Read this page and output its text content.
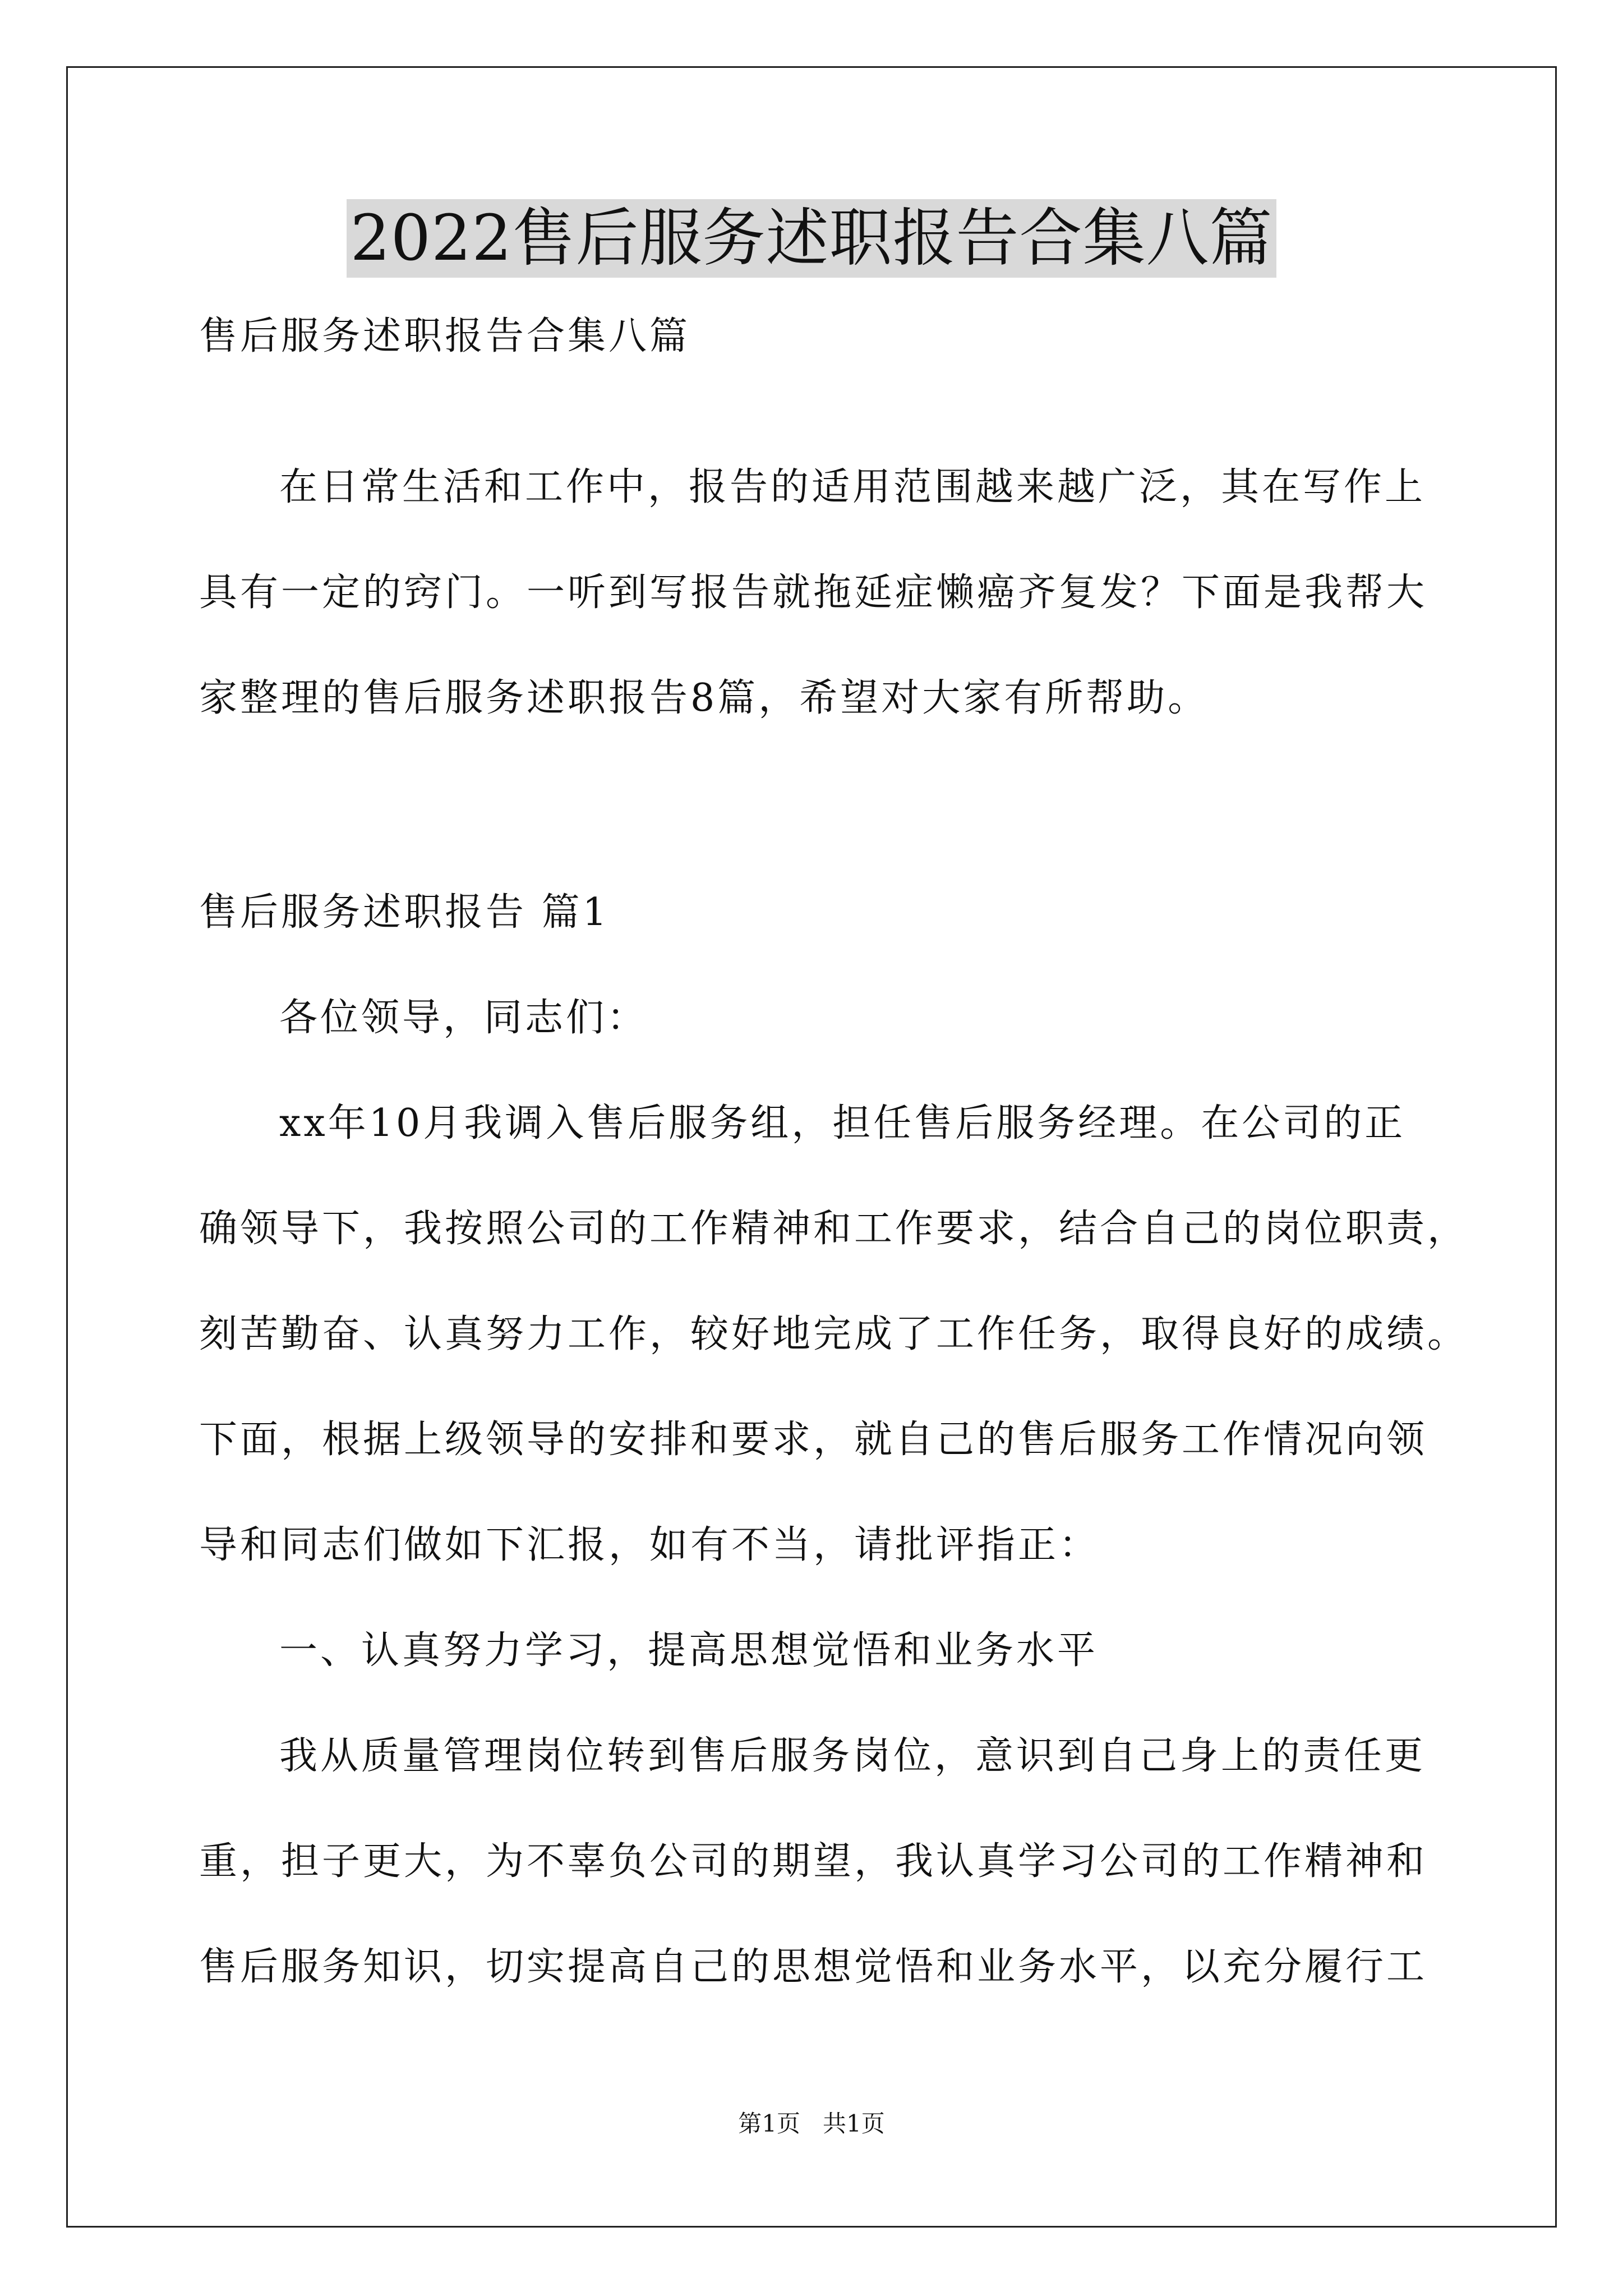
2022售后服务述职报告合集八篇
售后服务述职报告合集八篇
在日常生活和工作中，报告的适用范围越来越广泛，其在写作上
具有一定的窍门。一听到写报告就拖延症懒癌齐复发？下面是我帮大
家整理的售后服务述职报告8篇，希望对大家有所帮助。
售后服务述职报告 篇1
各位领导，同志们：
xx年10月我调入售后服务组，担任售后服务经理。在公司的正
确领导下，我按照公司的工作精神和工作要求，结合自己的岗位职责，
刻苦勤奋、认真努力工作，较好地完成了工作任务，取得良好的成绩。
下面，根据上级领导的安排和要求，就自己的售后服务工作情况向领
导和同志们做如下汇报，如有不当，请批评指正：
一、认真努力学习，提高思想觉悟和业务水平
我从质量管理岗位转到售后服务岗位，意识到自己身上的责任更
重，担子更大，为不辜负公司的期望，我认真学习公司的工作精神和
售后服务知识，切实提高自己的思想觉悟和业务水平，以充分履行工
第1页   共1页
